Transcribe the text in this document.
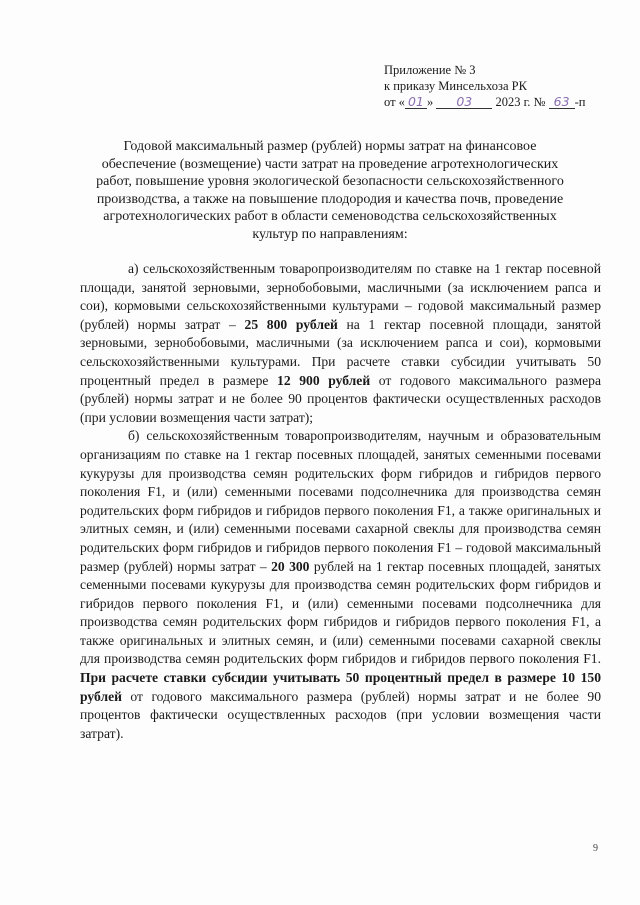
Приложение № 3
к приказу Минсельхоза РК
от « 01 » 03 2023 г. № 63 -п
Годовой максимальный размер (рублей) нормы затрат на финансовое обеспечение (возмещение) части затрат на проведение агротехнологических работ, повышение уровня экологической безопасности сельскохозяйственного производства, а также на повышение плодородия и качества почв, проведение агротехнологических работ в области семеноводства сельскохозяйственных культур по направлениям:

а) сельскохозяйственным товаропроизводителям по ставке на 1 гектар посевной площади, занятой зерновыми, зернобобовыми, масличными (за исключением рапса и сои), кормовыми сельскохозяйственными культурами – годовой максимальный размер (рублей) нормы затрат – 25 800 рублей на 1 гектар посевной площади, занятой зерновыми, зернобобовыми, масличными (за исключением рапса и сои), кормовыми сельскохозяйственными культурами. При расчете ставки субсидии учитывать 50 процентный предел в размере 12 900 рублей от годового максимального размера (рублей) нормы затрат и не более 90 процентов фактически осуществленных расходов (при условии возмещения части затрат);

б) сельскохозяйственным товаропроизводителям, научным и образовательным организациям по ставке на 1 гектар посевных площадей, занятых семенными посевами кукурузы для производства семян родительских форм гибридов и гибридов первого поколения F1, и (или) семенными посевами подсолнечника для производства семян родительских форм гибридов и гибридов первого поколения F1, а также оригинальных и элитных семян, и (или) семенными посевами сахарной свеклы для производства семян родительских форм гибридов и гибридов первого поколения F1 – годовой максимальный размер (рублей) нормы затрат – 20 300 рублей на 1 гектар посевных площадей, занятых семенными посевами кукурузы для производства семян родительских форм гибридов и гибридов первого поколения F1, и (или) семенными посевами подсолнечника для производства семян родительских форм гибридов и гибридов первого поколения F1, а также оригинальных и элитных семян, и (или) семенными посевами сахарной свеклы для производства семян родительских форм гибридов и гибридов первого поколения F1. При расчете ставки субсидии учитывать 50 процентный предел в размере 10 150 рублей от годового максимального размера (рублей) нормы затрат и не более 90 процентов фактически осуществленных расходов (при условии возмещения части затрат).

9
